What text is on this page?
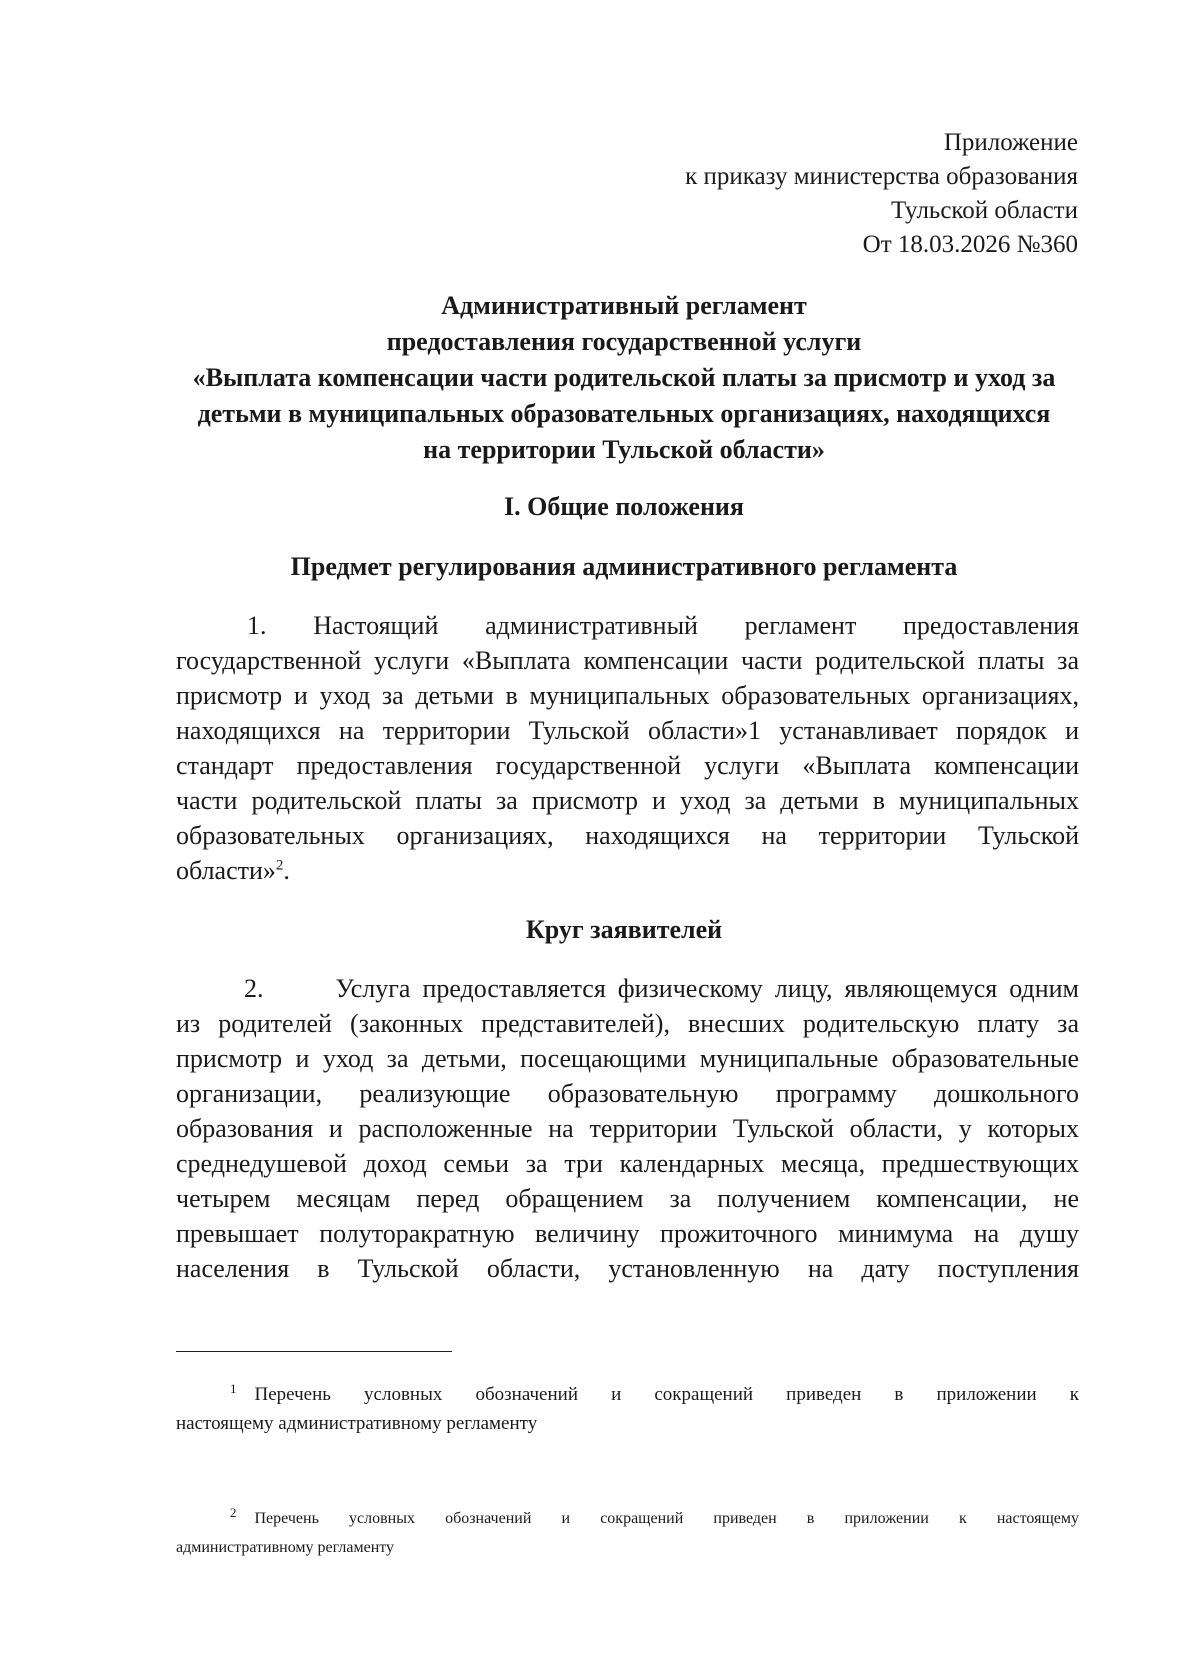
Приложение
к приказу министерства образования
Тульской области
От 18.03.2026 №360
Административный регламент
предоставления государственной услуги
«Выплата компенсации части родительской платы за присмотр и уход за
детьми в муниципальных образовательных организациях, находящихся
на территории Тульской области»
I. Общие положения
Предмет регулирования административного регламента
1. Настоящий административный регламент предоставления
государственной услуги «Выплата компенсации части родительской платы за
присмотр и уход за детьми в муниципальных образовательных организациях,
находящихся на территории Тульской области»1 устанавливает порядок и
стандарт предоставления государственной услуги «Выплата компенсации
части родительской платы за присмотр и уход за детьми в муниципальных
образовательных организациях, находящихся на территории Тульской
области»$^2$.
Круг заявителей
2.      Услуга предоставляется физическому лицу, являющемуся одним
из родителей (законных представителей), внесших родительскую плату за
присмотр и уход за детьми, посещающими муниципальные образовательные
организации, реализующие образовательную программу дошкольного
образования и расположенные на территории Тульской области, у которых
среднедушевой доход семьи за три календарных месяца, предшествующих
четырем месяцам перед обращением за получением компенсации, не
превышает полуторакратную величину прожиточного минимума на душу
населения в Тульской области, установленную на дату поступления
$^1$ Перечень условных обозначений и сокращений приведен в приложении к
настоящему административному регламенту
$^2$ Перечень условных обозначений и сокращений приведен в приложении к настоящему
административному регламенту
